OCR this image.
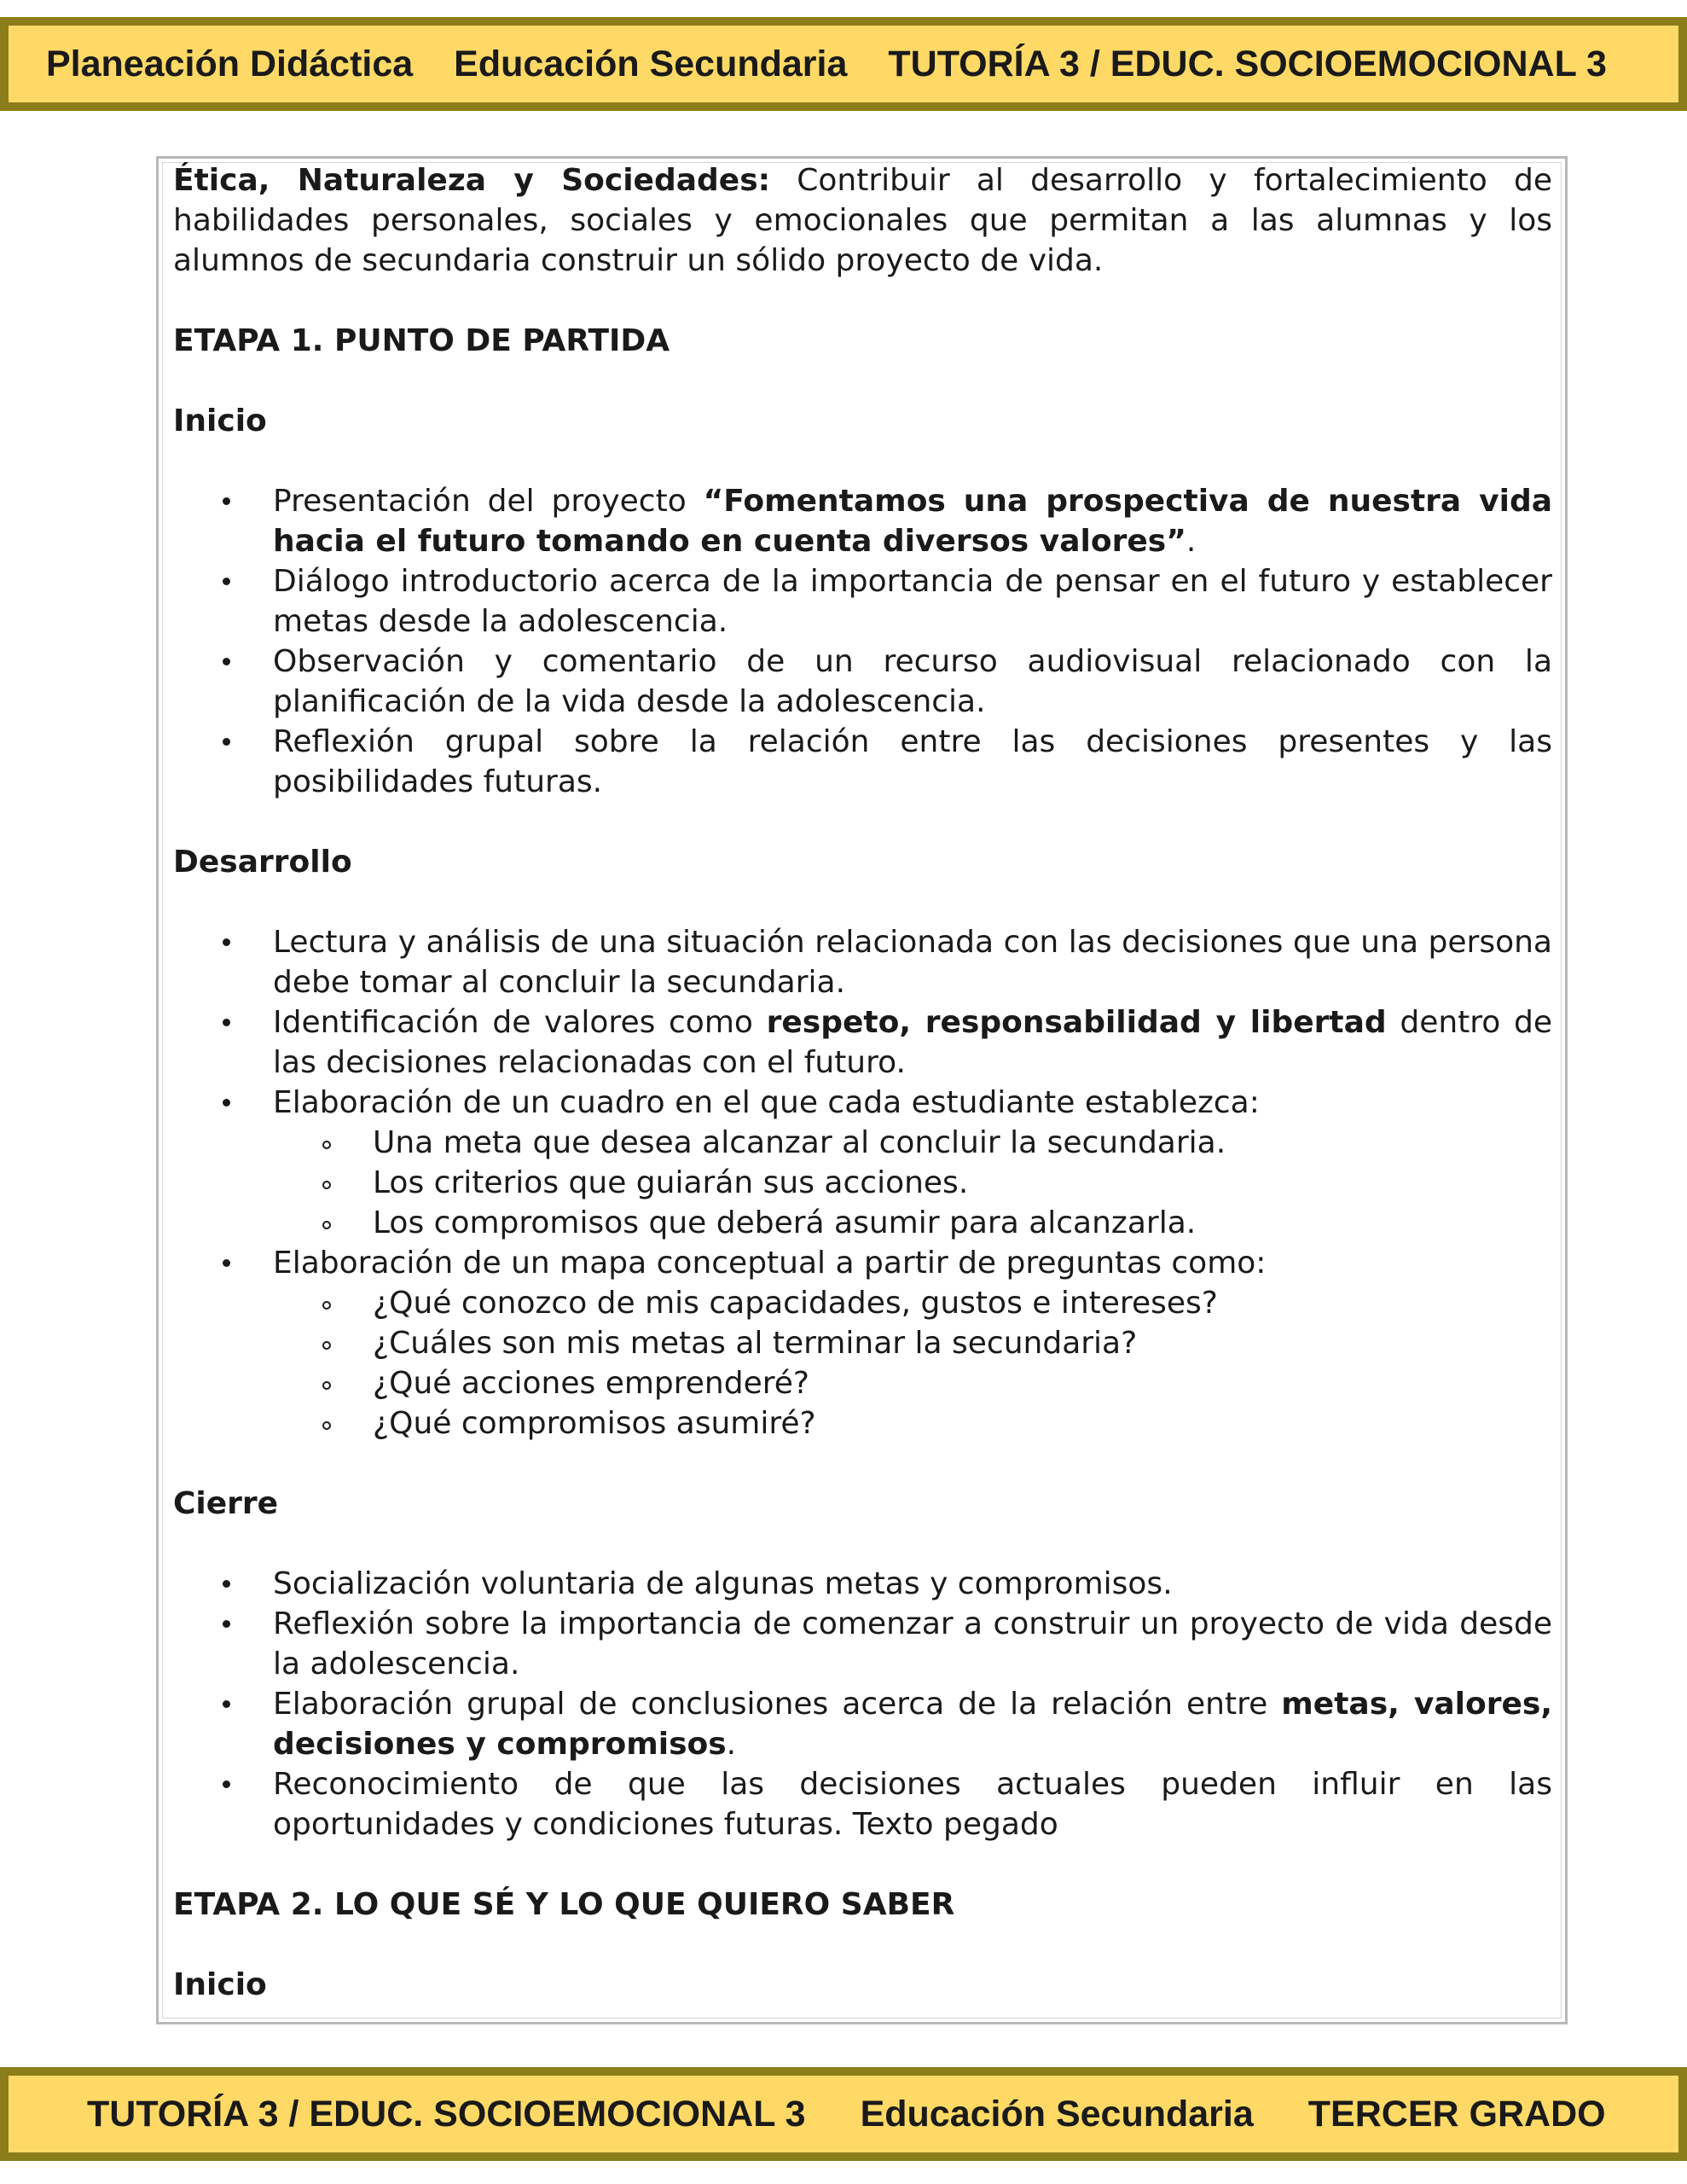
Planeación Didáctica Educación Secundaria TUTORÍA 3 / EDUC. SOCIOEMOCIONAL 3

Ética, Naturaleza y Sociedades: Contribuir al desarrollo y fortalecimiento de habilidades personales, sociales y emocionales que permitan a las alumnas y los alumnos de secundaria construir un sólido proyecto de vida.

ETAPA 1. PUNTO DE PARTIDA

Inicio

Presentación del proyecto “Fomentamos una prospectiva de nuestra vida hacia el futuro tomando en cuenta diversos valores”.
Diálogo introductorio acerca de la importancia de pensar en el futuro y establecer metas desde la adolescencia.
Observación y comentario de un recurso audiovisual relacionado con la planificación de la vida desde la adolescencia.
Reflexión grupal sobre la relación entre las decisiones presentes y las posibilidades futuras.

Desarrollo

Lectura y análisis de una situación relacionada con las decisiones que una persona debe tomar al concluir la secundaria.
Identificación de valores como respeto, responsabilidad y libertad dentro de las decisiones relacionadas con el futuro.
Elaboración de un cuadro en el que cada estudiante establezca:
Una meta que desea alcanzar al concluir la secundaria.
Los criterios que guiarán sus acciones.
Los compromisos que deberá asumir para alcanzarla.
Elaboración de un mapa conceptual a partir de preguntas como:
¿Qué conozco de mis capacidades, gustos e intereses?
¿Cuáles son mis metas al terminar la secundaria?
¿Qué acciones emprenderé?
¿Qué compromisos asumiré?

Cierre

Socialización voluntaria de algunas metas y compromisos.
Reflexión sobre la importancia de comenzar a construir un proyecto de vida desde la adolescencia.
Elaboración grupal de conclusiones acerca de la relación entre metas, valores, decisiones y compromisos.
Reconocimiento de que las decisiones actuales pueden influir en las oportunidades y condiciones futuras. Texto pegado

ETAPA 2. LO QUE SÉ Y LO QUE QUIERO SABER

Inicio

TUTORÍA 3 / EDUC. SOCIOEMOCIONAL 3 Educación Secundaria TERCER GRADO
